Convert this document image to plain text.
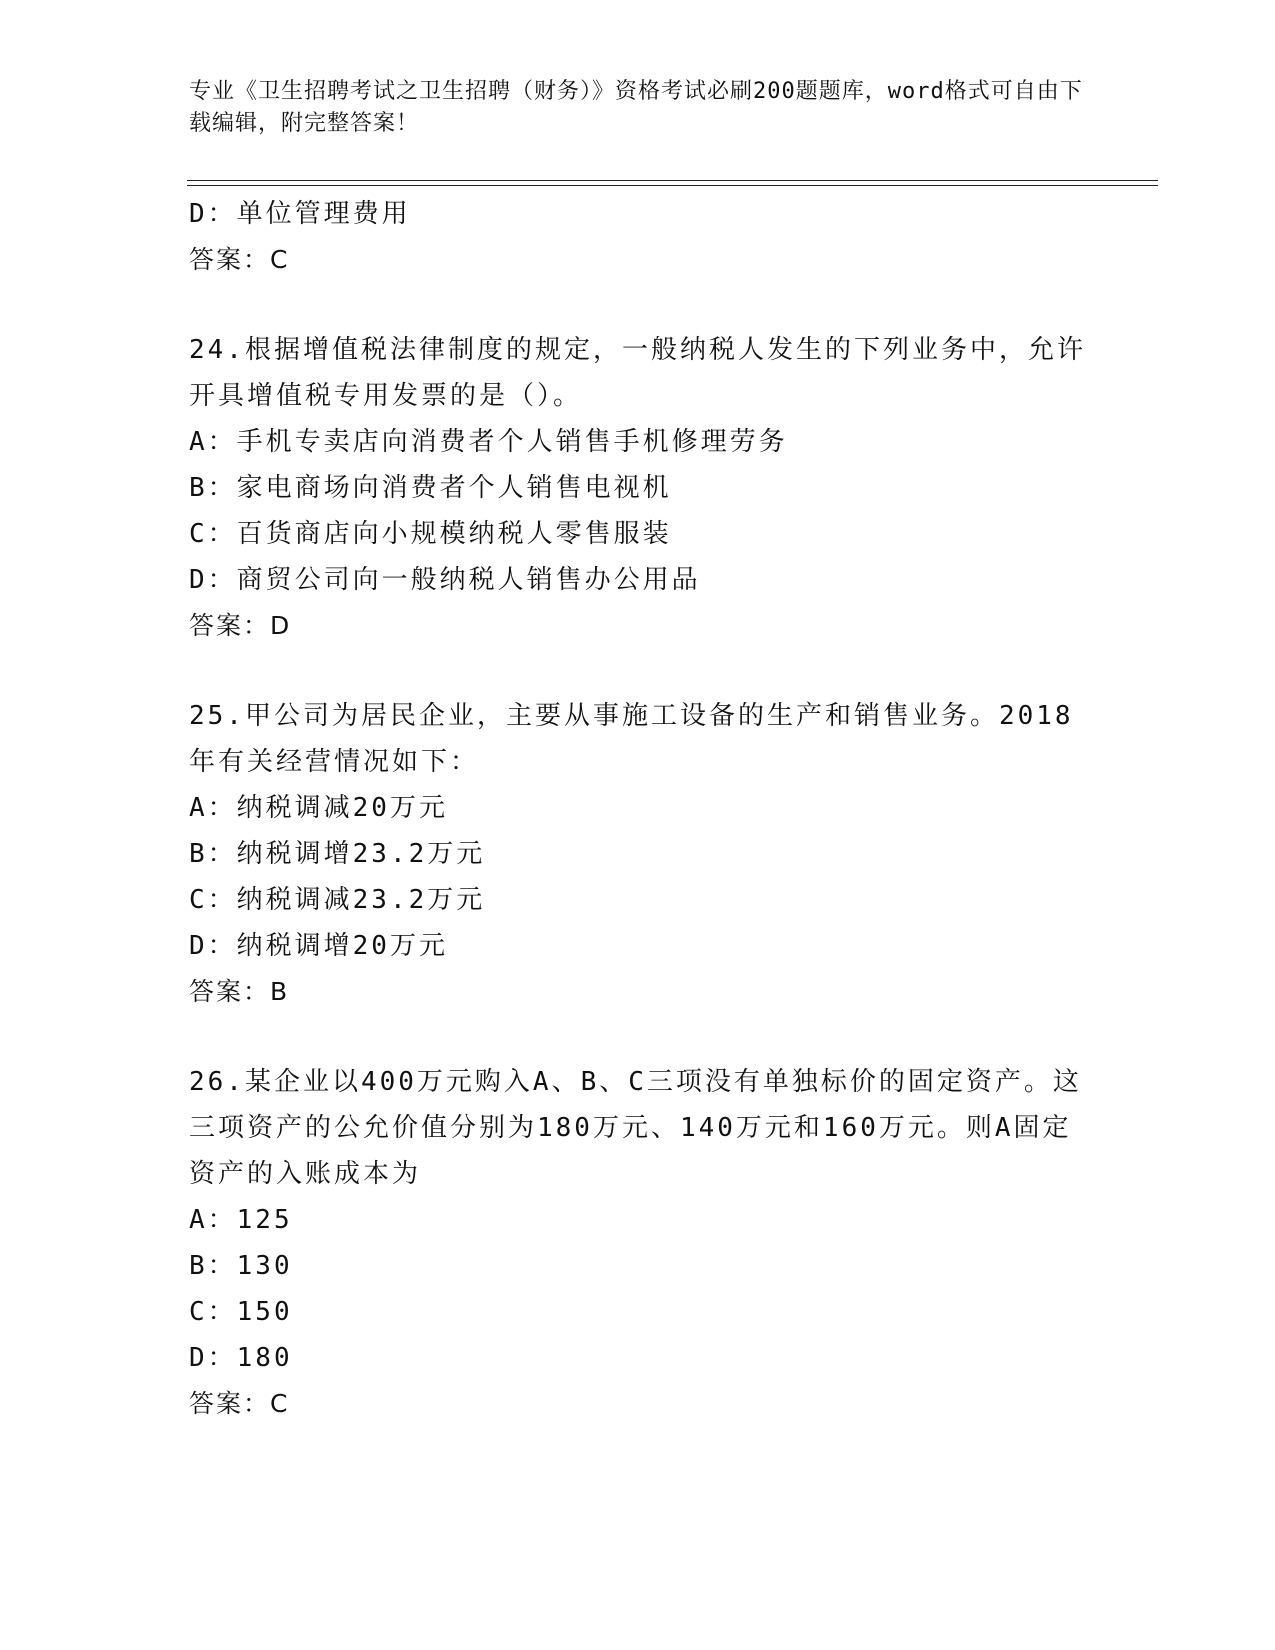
专业《卫生招聘考试之卫生招聘（财务）》资格考试必刷200题题库，word格式可自由下载编辑，附完整答案！
D：单位管理费用
答案：C
24.根据增值税法律制度的规定，一般纳税人发生的下列业务中，允许开具增值税专用发票的是（）。
A：手机专卖店向消费者个人销售手机修理劳务
B：家电商场向消费者个人销售电视机
C：百货商店向小规模纳税人零售服装
D：商贸公司向一般纳税人销售办公用品
答案：D
25.甲公司为居民企业，主要从事施工设备的生产和销售业务。2018年有关经营情况如下：
A：纳税调减20万元
B：纳税调增23.2万元
C：纳税调减23.2万元
D：纳税调增20万元
答案：B
26.某企业以400万元购入A、B、C三项没有单独标价的固定资产。这三项资产的公允价值分别为180万元、140万元和160万元。则A固定资产的入账成本为
A：125
B：130
C：150
D：180
答案：C
